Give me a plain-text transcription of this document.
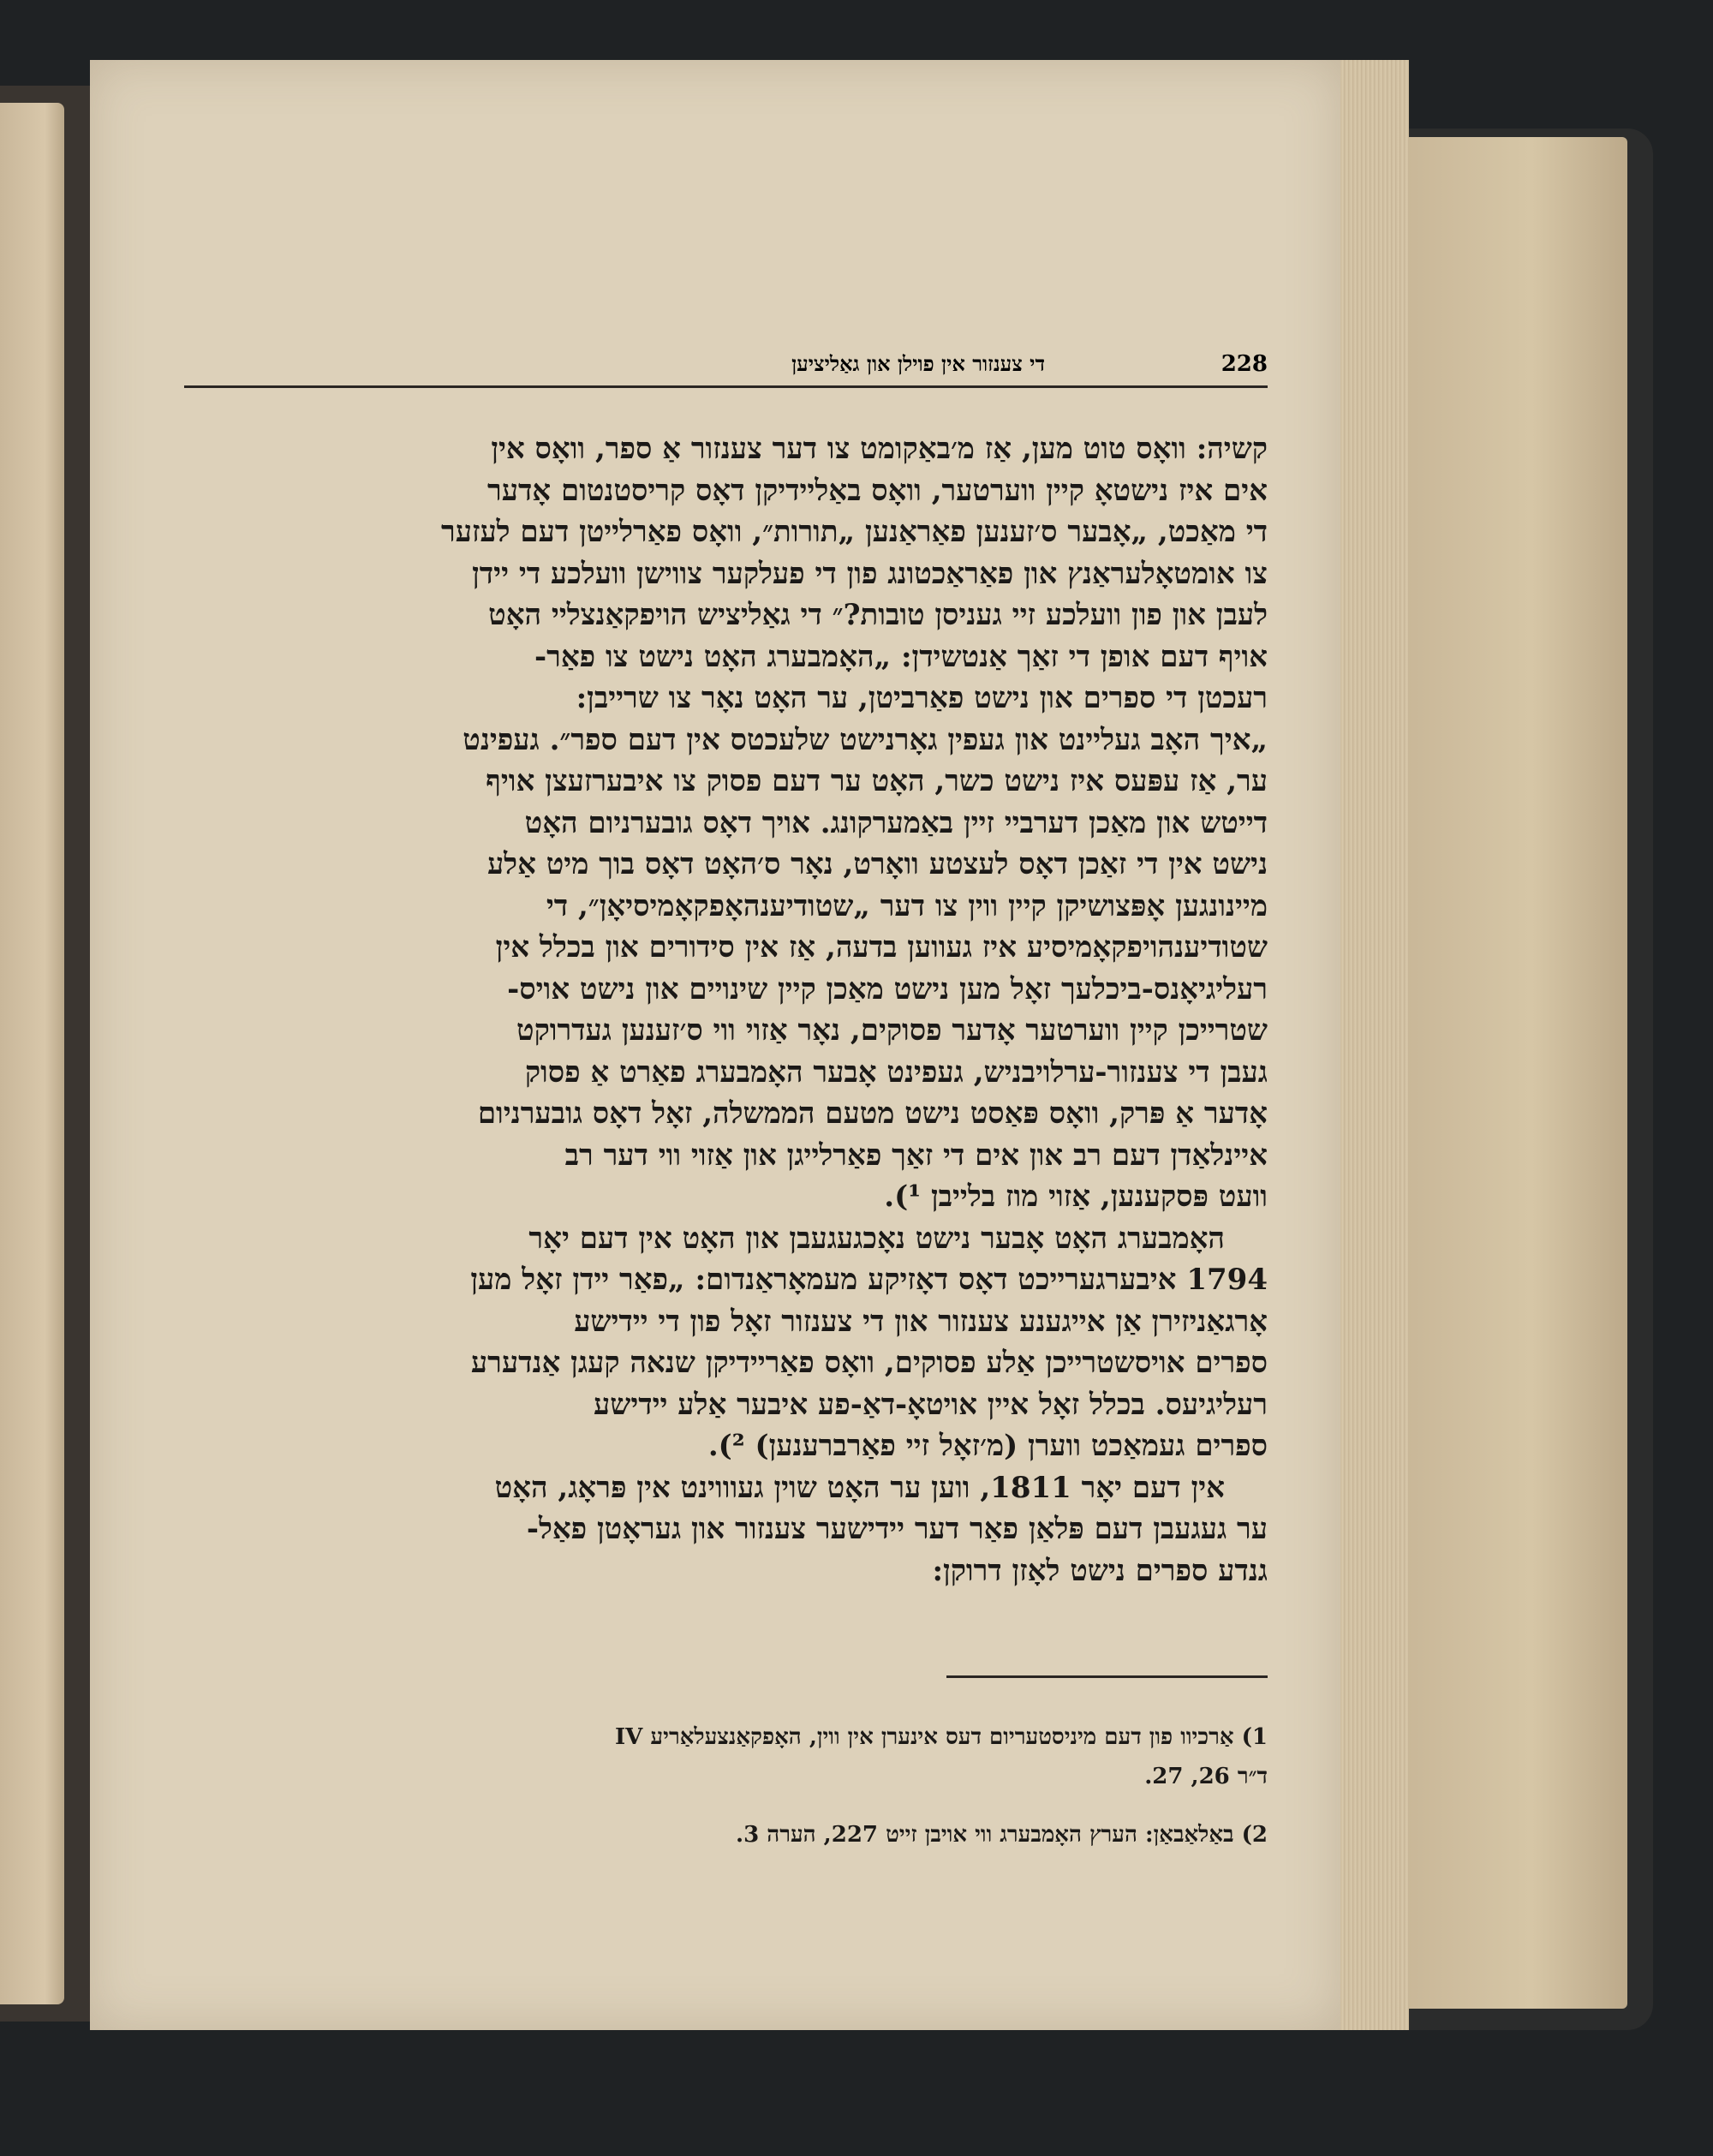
די צענזור אין פוילן און גאַליציען	228
קשיה: וואָס טוט מען, אַז מ׳באַקומט צו דער צענזור אַ ספר, וואָס אין
אים איז נישטאָ קיין ווערטער, וואָס באַליידיקן דאָס קריסטנטום אָדער
די מאַכט, „אָבער ס׳זענען פאַראַנען „תורות״, וואָס פאַרלייטן דעם לעזער
צו אומטאָלעראַנץ און פאַראַכטונג פון די פעלקער צווישן וועלכע די יידן
לעבן און פון וועלכע זיי געניסן טובות?״ די גאַליציש הויפקאַנצליי האָט
אויף דעם אופן די זאַך אַנטשידן: „האָמבערג האָט נישט צו פאַר-
רעכטן די ספרים און נישט פאַרביטן, ער האָט נאָר צו שרייבן:
„איך האָב געליינט און געפין גאָרנישט שלעכטס אין דעם ספר״. געפינט
ער, אַז עפּעס איז נישט כשר, האָט ער דעם פסוק צו איבערזעצן אויף
דייטש און מאַכן דערביי זיין באַמערקונג. אויך דאָס גובערניום האָט
נישט אין די זאַכן דאָס לעצטע וואָרט, נאָר ס׳האָט דאָס בוך מיט אַלע
מיינונגען אָפּצושיקן קיין ווין צו דער „שטודיענהאָפקאָמיסיאָן״, די
שטודיענהויפקאָמיסיע איז געווען בדעה, אַז אין סידורים און בכלל אין
רעליגיאָנס-ביכלעך זאָל מען נישט מאַכן קיין שינויים און נישט אויס-
שטרייכן קיין ווערטער אָדער פסוקים, נאָר אַזוי ווי ס׳זענען געדרוקט
געבן די צענזור-ערלויבניש, געפינט אָבער האָמבערג פאַרט אַ פסוק
אָדער אַ פּרק, וואָס פּאַסט נישט מטעם הממשלה, זאָל דאָס גובערניום
איינלאַדן דעם רב און אים די זאַך פאַרלייגן און אַזוי ווי דער רב
וועט פּסקענען, אַזוי מוז בלייבן ¹).
האָמבערג האָט אָבער נישט נאָכגעגעבן און האָט אין דעם יאָר
1794 איבערגערייכט דאָס דאָזיקע מעמאָראַנדום: „פאַר יידן זאָל מען
אָרגאַניזירן אַן אייגענע צענזור און די צענזור זאָל פון די יידישע
ספרים אויסשטרייכן אַלע פסוקים, וואָס פאַריידיקן שנאה קעגן אַנדערע
רעליגיעס. בכלל זאָל איין אויטאָ-דאַ-פע איבער אַלע יידישע
ספרים געמאַכט ווערן (מ׳זאָל זיי פאַרברענען) ²).
אין דעם יאָר 1811, ווען ער האָט שוין געוווינט אין פּראָג, האָט
ער געגעבן דעם פּלאַן פאַר דער יידישער צענזור און געראָטן פאַל-
גנדע ספרים נישט לאָזן דרוקן:
1) אַרכיוו פון דעם מיניסטעריום דעס אינערן אין ווין, האָפקאַנצעלאַריע IV
ד״ר 26, 27.
2) באַלאַבאַן: הערץ האָמבערג ווי אויבן זייט 227, הערה 3.
